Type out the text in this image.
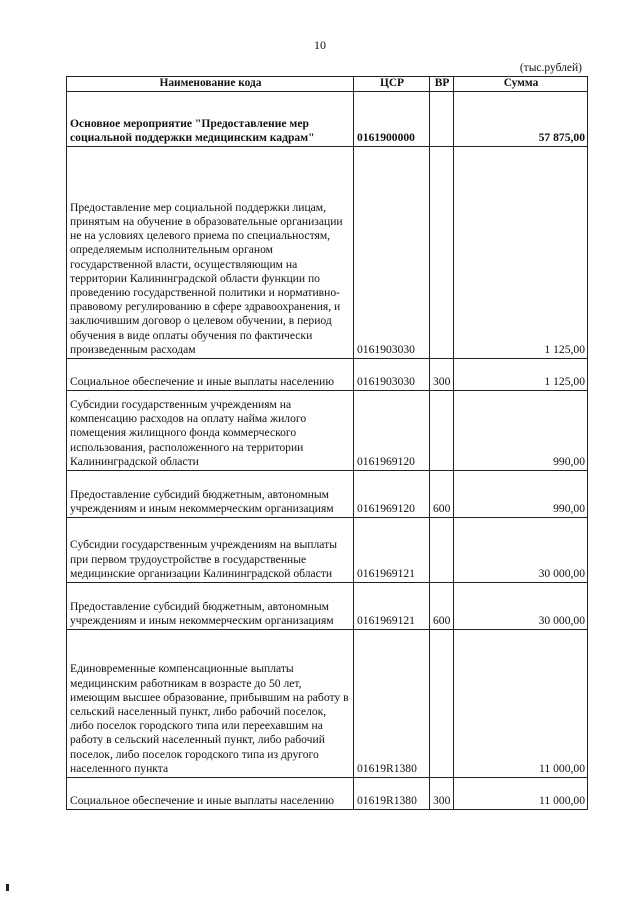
10
(тыс.рублей)
Наименование кода	ЦСР	ВР	Сумма
Основное мероприятие "Предоставление мер социальной поддержки медицинским кадрам"	0161900000		57 875,00
Предоставление мер социальной поддержки лицам, принятым на обучение в образовательные организации не на условиях целевого приема по специальностям, определяемым исполнительным органом государственной власти, осуществляющим на территории Калининградской области функции по проведению государственной политики и нормативно-правовому регулированию в сфере здравоохранения, и заключившим договор о целевом обучении, в период обучения в виде оплаты обучения по фактически произведенным расходам	0161903030		1 125,00
Социальное обеспечение и иные выплаты населению	0161903030	300	1 125,00
Субсидии государственным учреждениям на компенсацию расходов на оплату найма жилого помещения жилищного фонда коммерческого использования, расположенного на территории Калининградской области	0161969120		990,00
Предоставление субсидий бюджетным, автономным учреждениям и иным некоммерческим организациям	0161969120	600	990,00
Субсидии государственным учреждениям на выплаты при первом трудоустройстве в государственные медицинские организации Калининградской области	0161969121		30 000,00
Предоставление субсидий бюджетным, автономным учреждениям и иным некоммерческим организациям	0161969121	600	30 000,00
Единовременные компенсационные выплаты медицинским работникам в возрасте до 50 лет, имеющим высшее образование, прибывшим на работу в сельский населенный пункт, либо рабочий поселок, либо поселок городского типа или переехавшим на работу в сельский населенный пункт, либо рабочий поселок, либо поселок городского типа из другого населенного пункта	01619R1380		11 000,00
Социальное обеспечение и иные выплаты населению	01619R1380	300	11 000,00
